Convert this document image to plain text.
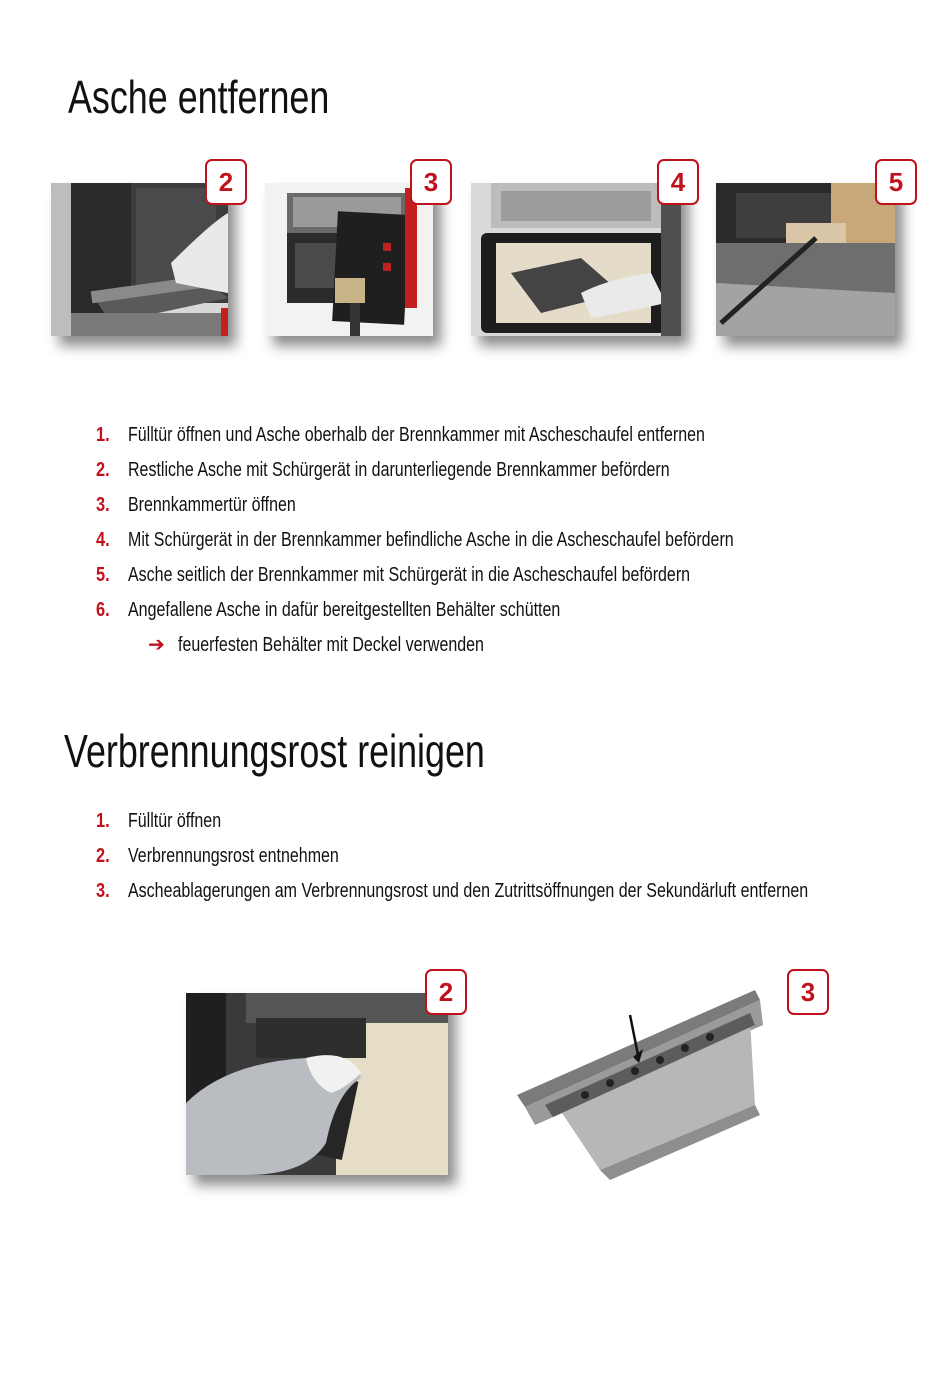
Asche entfernen
2	3	4	5
1. Fülltür öffnen und Asche oberhalb der Brennkammer mit Ascheschaufel entfernen
2. Restliche Asche mit Schürgerät in darunterliegende Brennkammer befördern
3. Brennkammertür öffnen
4. Mit Schürgerät in der Brennkammer befindliche Asche in die Ascheschaufel befördern
5. Asche seitlich der Brennkammer mit Schürgerät in die Ascheschaufel befördern
6. Angefallene Asche in dafür bereitgestellten Behälter schütten
➔ feuerfesten Behälter mit Deckel verwenden
Verbrennungsrost reinigen
1. Fülltür öffnen
2. Verbrennungsrost entnehmen
3. Ascheablagerungen am Verbrennungsrost und den Zutrittsöffnungen der Sekundärluft entfernen
2	3
